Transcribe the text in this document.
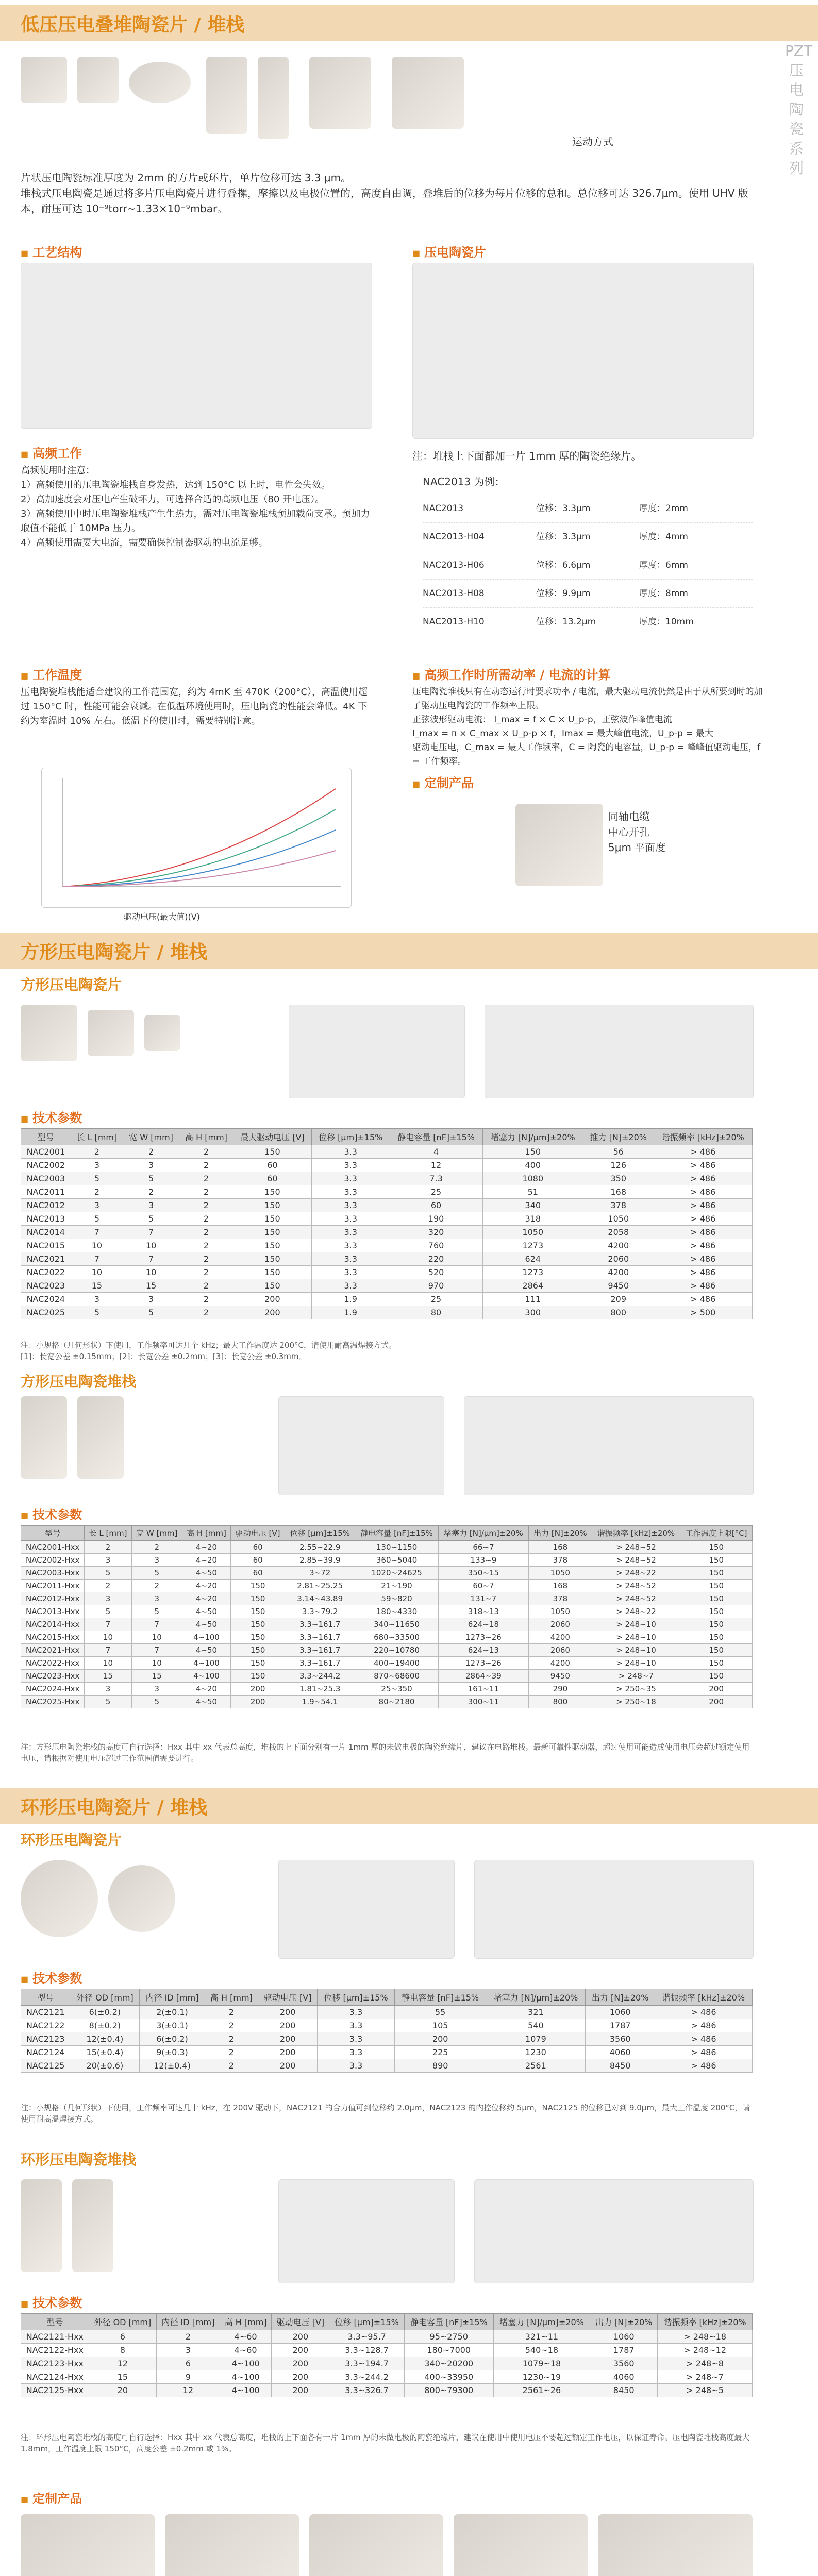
低压压电叠堆陶瓷片 / 堆栈
PZT压电陶瓷系列
运动方式
片状压电陶瓷标准厚度为 2mm 的方片或环片，单片位移可达 3.3 μm。
堆栈式压电陶瓷是通过将多片压电陶瓷片进行叠摞，摩擦以及电极位置的，高度自由调，叠堆后的位移为每片位移的总和。总位移可达 326.7μm。使用 UHV 版本，耐压可达 10⁻⁹torr~1.33×10⁻⁹mbar。
■ 工艺结构	■ 压电陶瓷片
■ 高频工作
高频使用时注意：
1）高频使用的压电陶瓷堆栈自身发热，达到 150°C 以上时，电性会失效。
2）高加速度会对压电产生破坏力，可选择合适的高频电压（80 开电压）。
3）高频使用中时压电陶瓷堆栈产生生热力，需对压电陶瓷堆栈预加载荷支承。预加力取值不能低于 10MPa 压力。
4）高频使用需要大电流，需要确保控制器驱动的电流足够。
注：堆栈上下面都加一片 1mm 厚的陶瓷绝缘片。
NAC2013 为例：
NAC2013	位移：3.3μm	厚度：2mm
NAC2013-H04	位移：3.3μm	厚度：4mm
NAC2013-H06	位移：6.6μm	厚度：6mm
NAC2013-H08	位移：9.9μm	厚度：8mm
NAC2013-H10	位移：13.2μm	厚度：10mm
■ 工作温度
压电陶瓷堆栈能适合建议的工作范围宽，约为 4mK 至 470K（200°C），高温使用超过 150°C 时，性能可能会衰减。在低温环境使用时，压电陶瓷的性能会降低。4K 下约为室温时 10% 左右。低温下的使用时，需要特别注意。
驱动电压(最大值)(V)
■ 高频工作时所需动率 / 电流的计算
压电陶瓷堆栈只有在动态运行时要求功率 / 电流，最大驱动电流仍然是由于从所要到时的加了驱动压电陶瓷的工作频率上限。
正弦波形驱动电流： I_max = f × C × U_p-p，正弦波作峰值电流
I_max = π × C_max × U_p-p × f，Imax = 最大峰值电流，U_p-p = 最大
驱动电压电，C_max = 最大工作频率，C = 陶瓷的电容量，U_p-p = 峰峰值驱动电压，f = 工作频率。
■ 定制产品
同轴电缆
中心开孔
5μm 平面度
方形压电陶瓷片 / 堆栈
方形压电陶瓷片
■ 技术参数
型号	长 L [mm]	宽 W [mm]	高 H [mm]	最大驱动电压 [V]	位移 [μm]±15%	静电容量 [nF]±15%	堵塞力 [N]/μm]±20%	推力 [N]±20%	谐振频率 [kHz]±20%
NAC2001	2	2	2	150	3.3	4	150	56	> 486
NAC2002	3	3	2	60	3.3	12	400	126	> 486
NAC2003	5	5	2	60	3.3	7.3	1080	350	> 486
NAC2011	2	2	2	150	3.3	25	51	168	> 486
NAC2012	3	3	2	150	3.3	60	340	378	> 486
NAC2013	5	5	2	150	3.3	190	318	1050	> 486
NAC2014	7	7	2	150	3.3	320	1050	2058	> 486
NAC2015	10	10	2	150	3.3	760	1273	4200	> 486
NAC2021	7	7	2	150	3.3	220	624	2060	> 486
NAC2022	10	10	2	150	3.3	520	1273	4200	> 486
NAC2023	15	15	2	150	3.3	970	2864	9450	> 486
NAC2024	3	3	2	200	1.9	25	111	209	> 486
NAC2025	5	5	2	200	1.9	80	300	800	> 500
注：小规格（几何形状）下使用，工作频率可达几个 kHz；最大工作温度达 200°C，请使用耐高温焊接方式。
[1]：长宽公差 ±0.15mm；[2]：长宽公差 ±0.2mm；[3]：长宽公差 ±0.3mm。
方形压电陶瓷堆栈
■ 技术参数
型号	长 L [mm]	宽 W [mm]	高 H [mm]	驱动电压 [V]	位移 [μm]±15%	静电容量 [nF]±15%	堵塞力 [N]/μm]±20%	出力 [N]±20%	谐振频率 [kHz]±20%	工作温度上限[°C]
NAC2001-Hxx	2	2	4~20	60	2.55~22.9	130~1150	66~7	168	> 248~52	150
NAC2002-Hxx	3	3	4~20	60	2.85~39.9	360~5040	133~9	378	> 248~52	150
NAC2003-Hxx	5	5	4~50	60	3~72	1020~24625	350~15	1050	> 248~22	150
NAC2011-Hxx	2	2	4~20	150	2.81~25.25	21~190	60~7	168	> 248~52	150
NAC2012-Hxx	3	3	4~20	150	3.14~43.89	59~820	131~7	378	> 248~52	150
NAC2013-Hxx	5	5	4~50	150	3.3~79.2	180~4330	318~13	1050	> 248~22	150
NAC2014-Hxx	7	7	4~50	150	3.3~161.7	340~11650	624~18	2060	> 248~10	150
NAC2015-Hxx	10	10	4~100	150	3.3~161.7	680~33500	1273~26	4200	> 248~10	150
NAC2021-Hxx	7	7	4~50	150	3.3~161.7	220~10780	624~13	2060	> 248~10	150
NAC2022-Hxx	10	10	4~100	150	3.3~161.7	400~19400	1273~26	4200	> 248~10	150
NAC2023-Hxx	15	15	4~100	150	3.3~244.2	870~68600	2864~39	9450	> 248~7	150
NAC2024-Hxx	3	3	4~20	200	1.81~25.3	25~350	161~11	290	> 250~35	200
NAC2025-Hxx	5	5	4~50	200	1.9~54.1	80~2180	300~11	800	> 250~18	200
注：方形压电陶瓷堆栈的高度可自行选择：Hxx 其中 xx 代表总高度，堆栈的上下面分别有一片 1mm 厚的未做电极的陶瓷绝缘片，建议在电路堆栈。最新可靠性驱动器，超过使用可能造成使用电压会超过额定使用电压，请根据对使用电压超过工作范围值需要进行。
环形压电陶瓷片 / 堆栈
环形压电陶瓷片
■ 技术参数
型号	外径 OD [mm]	内径 ID [mm]	高 H [mm]	驱动电压 [V]	位移 [μm]±15%	静电容量 [nF]±15%	堵塞力 [N]/μm]±20%	出力 [N]±20%	谐振频率 [kHz]±20%
NAC2121	6(±0.2)	2(±0.1)	2	200	3.3	55	321	1060	> 486
NAC2122	8(±0.2)	3(±0.1)	2	200	3.3	105	540	1787	> 486
NAC2123	12(±0.4)	6(±0.2)	2	200	3.3	200	1079	3560	> 486
NAC2124	15(±0.4)	9(±0.3)	2	200	3.3	225	1230	4060	> 486
NAC2125	20(±0.6)	12(±0.4)	2	200	3.3	890	2561	8450	> 486
注：小规格（几何形状）下使用，工作频率可达几十 kHz，在 200V 驱动下，NAC2121 的合力值可到位移约 2.0μm，NAC2123 的内控位移约 5μm，NAC2125 的位移已对到 9.0μm，最大工作温度 200°C，请使用耐高温焊接方式。
环形压电陶瓷堆栈
■ 技术参数
型号	外径 OD [mm]	内径 ID [mm]	高 H [mm]	驱动电压 [V]	位移 [μm]±15%	静电容量 [nF]±15%	堵塞力 [N]/μm]±20%	出力 [N]±20%	谐振频率 [kHz]±20%
NAC2121-Hxx	6	2	4~60	200	3.3~95.7	95~2750	321~11	1060	> 248~18
NAC2122-Hxx	8	3	4~60	200	3.3~128.7	180~7000	540~18	1787	> 248~12
NAC2123-Hxx	12	6	4~100	200	3.3~194.7	340~20200	1079~18	3560	> 248~8
NAC2124-Hxx	15	9	4~100	200	3.3~244.2	400~33950	1230~19	4060	> 248~7
NAC2125-Hxx	20	12	4~100	200	3.3~326.7	800~79300	2561~26	8450	> 248~5
注：环形压电陶瓷堆栈的高度可自行选择：Hxx 其中 xx 代表总高度，堆栈的上下面各有一片 1mm 厚的未做电极的陶瓷绝缘片，建议在使用中使用电压不要超过额定工作电压，以保证寿命。压电陶瓷堆栈高度最大 1.8mm，工作温度上限 150°C，高度公差 ±0.2mm 或 1%。
■ 定制产品
